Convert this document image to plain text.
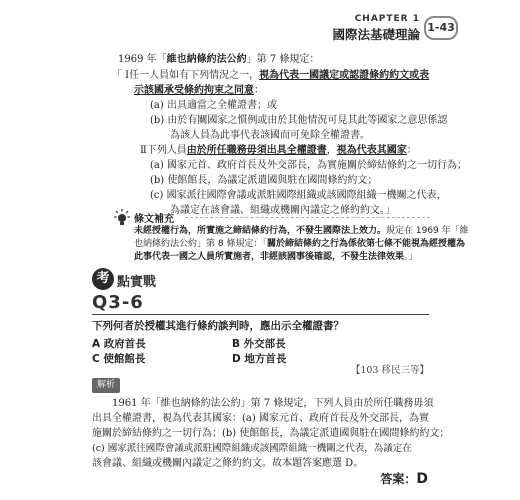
CHAPTER 1
國際法基礎理論 1-43
1969 年「維也納條約法公約」第 7 條規定：
「 Ⅰ任一人員如有下列情況之一，視為代表一國議定或認證條約約文或表
示該國承受條約拘束之同意：
(a) 出具適當之全權證書；或
(b) 由於有關國家之慣例或由於其他情況可見其此等國家之意思係認
為該人員為此事代表該國而可免除全權證書。
Ⅱ下列人員由於所任職務毋須出具全權證書，視為代表其國家：
(a) 國家元首、政府首長及外交部長，為實施關於締結條約之一切行為；
(b) 使館館長，為議定派遣國與駐在國間條約約文；
(c) 國家派往國際會議或派駐國際組織或該國際組織一機關之代表，
為議定在該會議、組織或機關內議定之條約約文。」
條文補充
未經授權行為，所實施之締結條約行為，不發生國際法上效力。規定在 1969 年「維
也納條約法公約」第 8 條規定：「關於締結條約之行為係依第七條不能視為經授權為
此事代表一國之人員所實施者，非經該國事後確認，不發生法律效果。」
考 點實戰
Q3-6
下列何者於授權其進行條約談判時，應出示全權證書？
A 政府首長	B 外交部長
C 使館館長	D 地方首長
【103 移民三等】
解析
1961 年「維也納條約法公約」第 7 條規定，下列人員由於所任職務毋須
出具全權證書，視為代表其國家：(a) 國家元首、政府首長及外交部長，為實
施關於締結條約之一切行為；(b) 使館館長，為議定派遣國與駐在國間條約約文；
(c) 國家派往國際會議或派駐國際組織或該國際組織一機關之代表，為議定在
該會議、組織或機關內議定之條約約文。故本題答案應選 D。
答案：D
